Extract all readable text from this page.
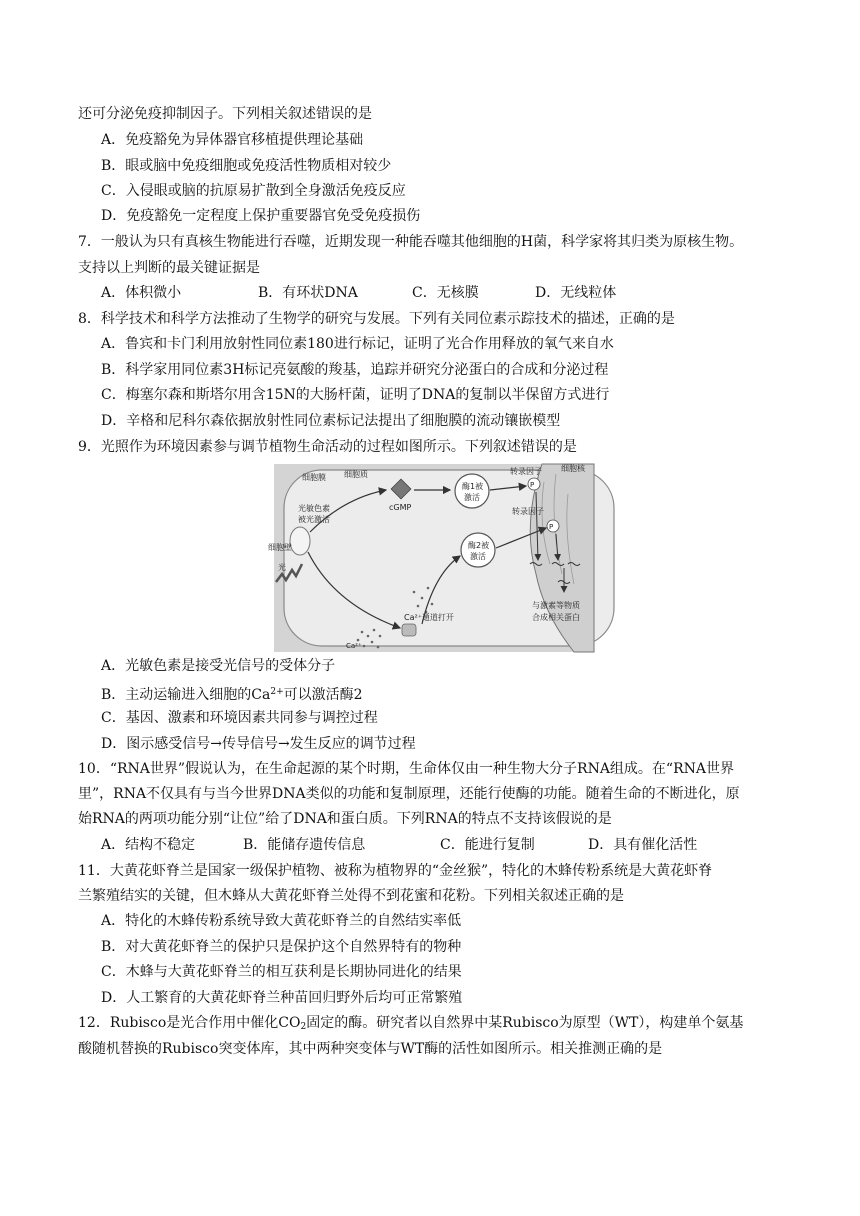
还可分泌免疫抑制因子。下列相关叙述错误的是
A．免疫豁免为异体器官移植提供理论基础
B．眼或脑中免疫细胞或免疫活性物质相对较少
C．入侵眼或脑的抗原易扩散到全身激活免疫反应
D．免疫豁免一定程度上保护重要器官免受免疫损伤
7．一般认为只有真核生物能进行吞噬，近期发现一种能吞噬其他细胞的H菌，科学家将其归类为原核生物。
支持以上判断的最关键证据是
A．体积微小	B．有环状DNA	C．无核膜	D．无线粒体
8．科学技术和科学方法推动了生物学的研究与发展。下列有关同位素示踪技术的描述，正确的是
A．鲁宾和卡门利用放射性同位素180进行标记，证明了光合作用释放的氧气来自水
B．科学家用同位素3H标记亮氨酸的羧基，追踪并研究分泌蛋白的合成和分泌过程
C．梅塞尔森和斯塔尔用含15N的大肠杆菌，证明了DNA的复制以半保留方式进行
D．辛格和尼科尔森依据放射性同位素标记法提出了细胞膜的流动镶嵌模型
9．光照作为环境因素参与调节植物生命活动的过程如图所示。下列叙述错误的是
细胞膜 细胞质
光敏色素
被光激活
细胞壁
光
cGMP
酶1被
激活
酶2被
激活
转录因子 细胞核
P
转录因子
P
Ca²⁺通道打开
Ca²⁺
与激素等物质
合成相关蛋白
A．光敏色素是接受光信号的受体分子
B．主动运输进入细胞的$Ca^{2+}$可以激活酶2
C．基因、激素和环境因素共同参与调控过程
D．图示感受信号→传导信号→发生反应的调节过程
10．“RNA世界”假说认为，在生命起源的某个时期，生命体仅由一种生物大分子RNA组成。在“RNA世界
里”，RNA不仅具有与当今世界DNA类似的功能和复制原理，还能行使酶的功能。随着生命的不断进化，原
始RNA的两项功能分别“让位”给了DNA和蛋白质。下列RNA的特点不支持该假说的是
A．结构不稳定	B．能储存遗传信息	C．能进行复制	D．具有催化活性
11．大黄花虾脊兰是国家一级保护植物、被称为植物界的“金丝猴”，特化的木蜂传粉系统是大黄花虾脊
兰繁殖结实的关键，但木蜂从大黄花虾脊兰处得不到花蜜和花粉。下列相关叙述正确的是
A．特化的木蜂传粉系统导致大黄花虾脊兰的自然结实率低
B．对大黄花虾脊兰的保护只是保护这个自然界特有的物种
C．木蜂与大黄花虾脊兰的相互获利是长期协同进化的结果
D．人工繁育的大黄花虾脊兰种苗回归野外后均可正常繁殖
12．Rubisco是光合作用中催化$CO_2$固定的酶。研究者以自然界中某Rubisco为原型（WT），构建单个氨基
酸随机替换的Rubisco突变体库，其中两种突变体与WT酶的活性如图所示。相关推测正确的是
